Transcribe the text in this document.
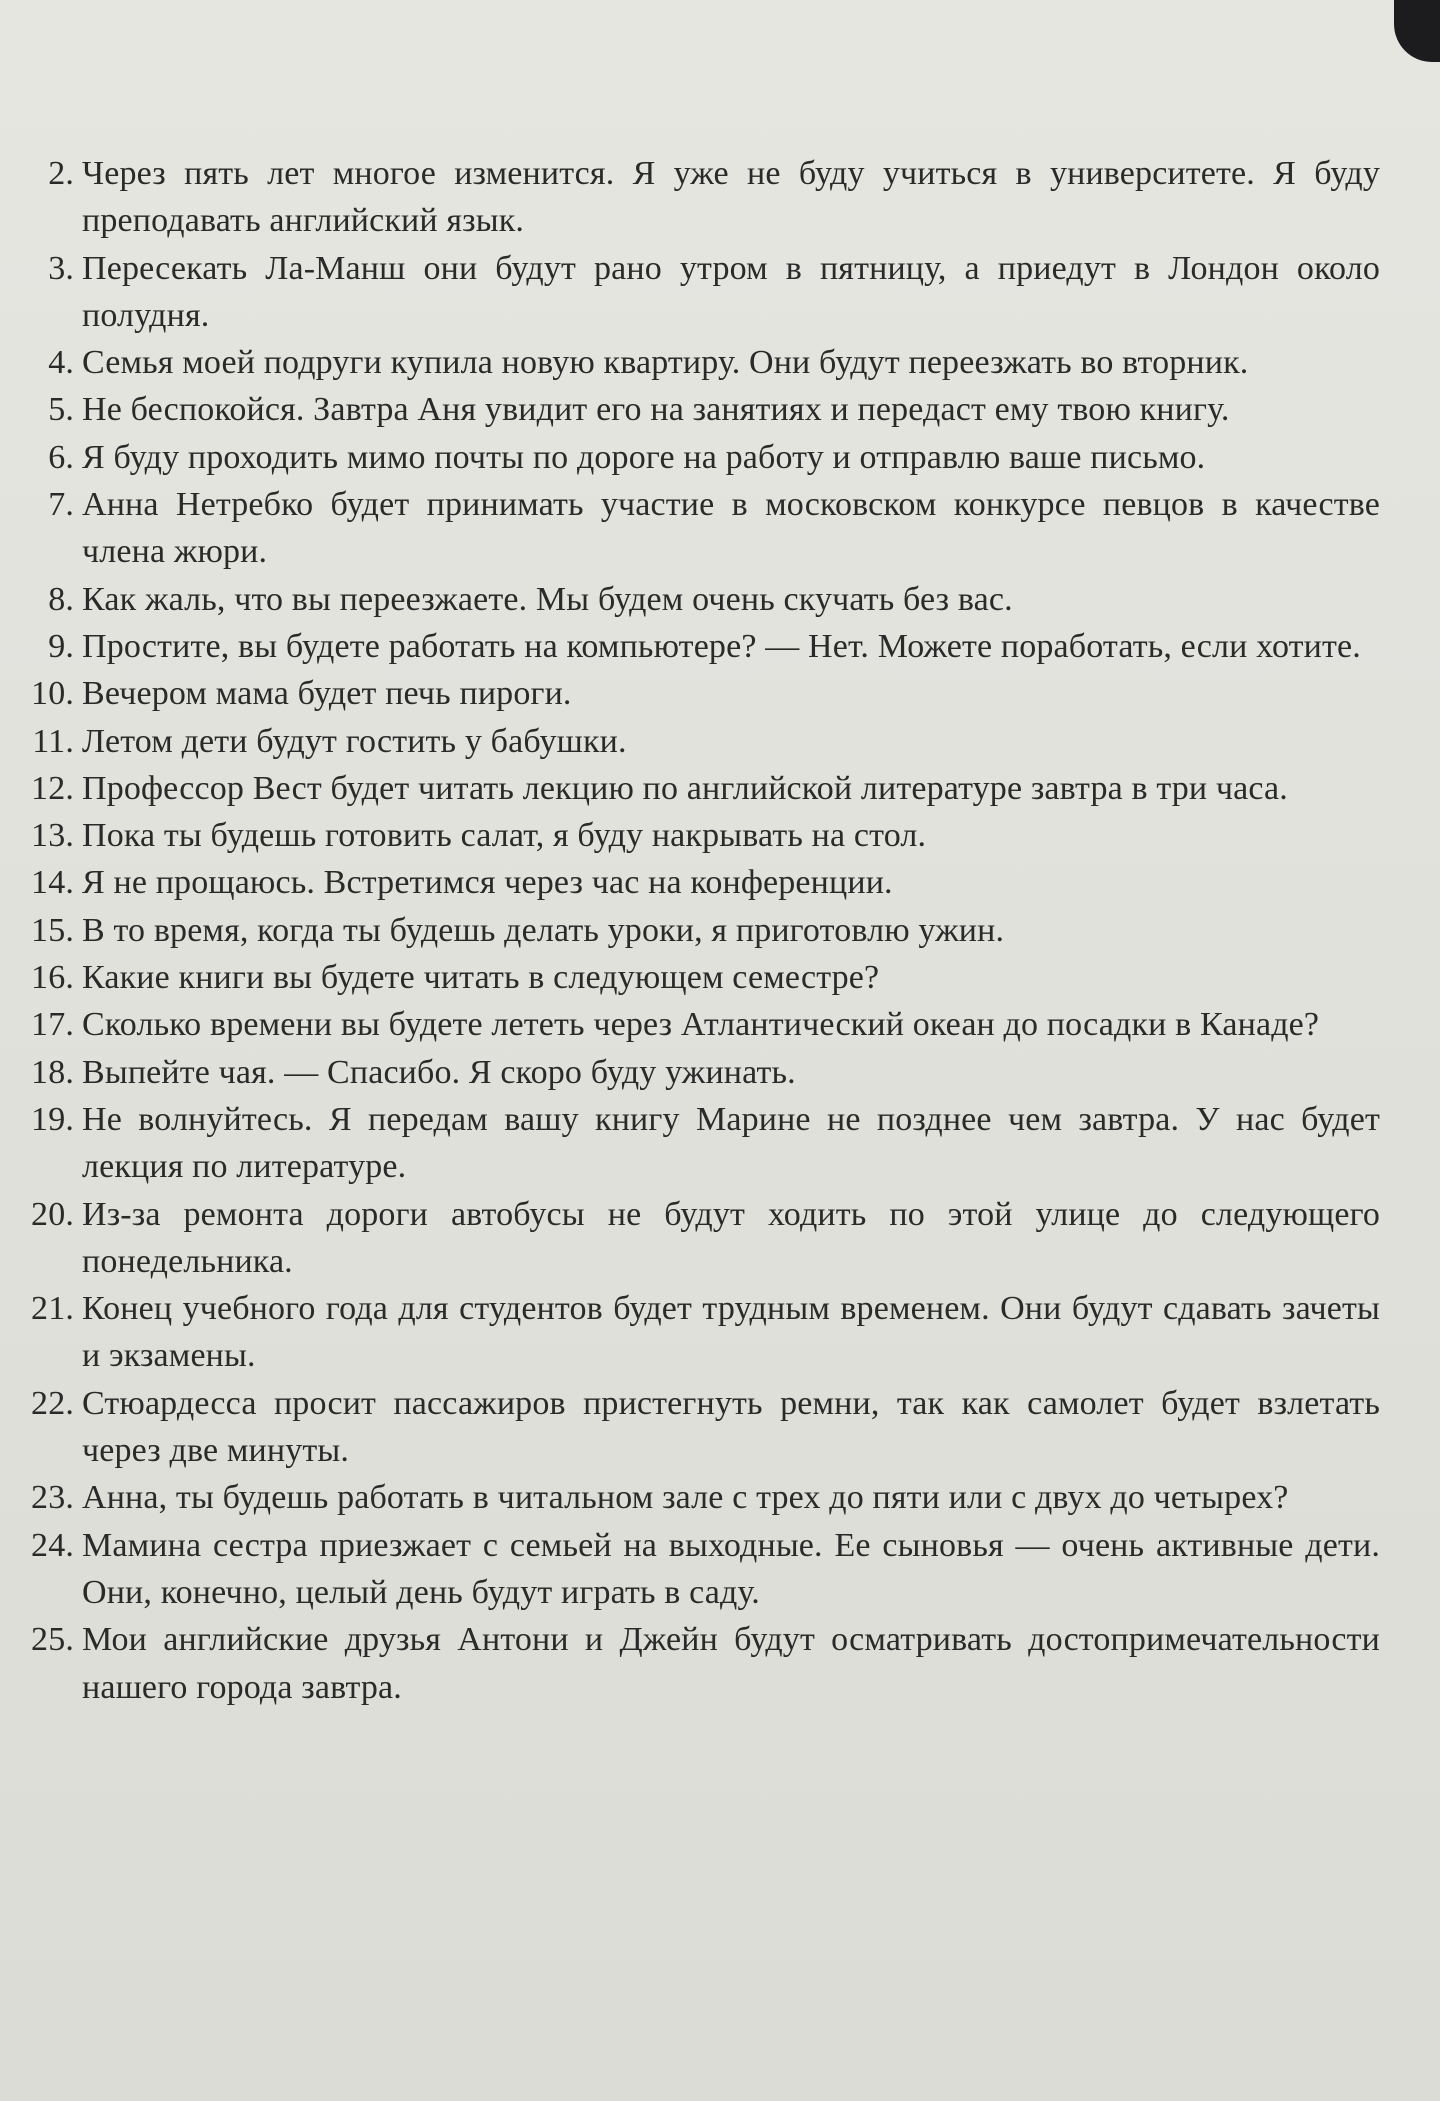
2. Через пять лет многое изменится. Я уже не буду учиться в университете. Я буду преподавать английский язык.
3. Пересекать Ла-Манш они будут рано утром в пятницу, а приедут в Лондон около полудня.
4. Семья моей подруги купила новую квартиру. Они будут переезжать во вторник.
5. Не беспокойся. Завтра Аня увидит его на занятиях и передаст ему твою книгу.
6. Я буду проходить мимо почты по дороге на работу и отправлю ваше письмо.
7. Анна Нетребко будет принимать участие в московском конкурсе певцов в качестве члена жюри.
8. Как жаль, что вы переезжаете. Мы будем очень скучать без вас.
9. Простите, вы будете работать на компьютере? — Нет. Можете поработать, если хотите.
10. Вечером мама будет печь пироги.
11. Летом дети будут гостить у бабушки.
12. Профессор Вест будет читать лекцию по английской литературе завтра в три часа.
13. Пока ты будешь готовить салат, я буду накрывать на стол.
14. Я не прощаюсь. Встретимся через час на конференции.
15. В то время, когда ты будешь делать уроки, я приготовлю ужин.
16. Какие книги вы будете читать в следующем семестре?
17. Сколько времени вы будете лететь через Атлантический океан до посадки в Канаде?
18. Выпейте чая. — Спасибо. Я скоро буду ужинать.
19. Не волнуйтесь. Я передам вашу книгу Марине не позднее чем завтра. У нас будет лекция по литературе.
20. Из-за ремонта дороги автобусы не будут ходить по этой улице до следующего понедельника.
21. Конец учебного года для студентов будет трудным временем. Они будут сдавать зачеты и экзамены.
22. Стюардесса просит пассажиров пристегнуть ремни, так как самолет будет взлетать через две минуты.
23. Анна, ты будешь работать в читальном зале с трех до пяти или с двух до четырех?
24. Мамина сестра приезжает с семьей на выходные. Ее сыновья — очень активные дети. Они, конечно, целый день будут играть в саду.
25. Мои английские друзья Антони и Джейн будут осматривать достопримечательности нашего города завтра.
